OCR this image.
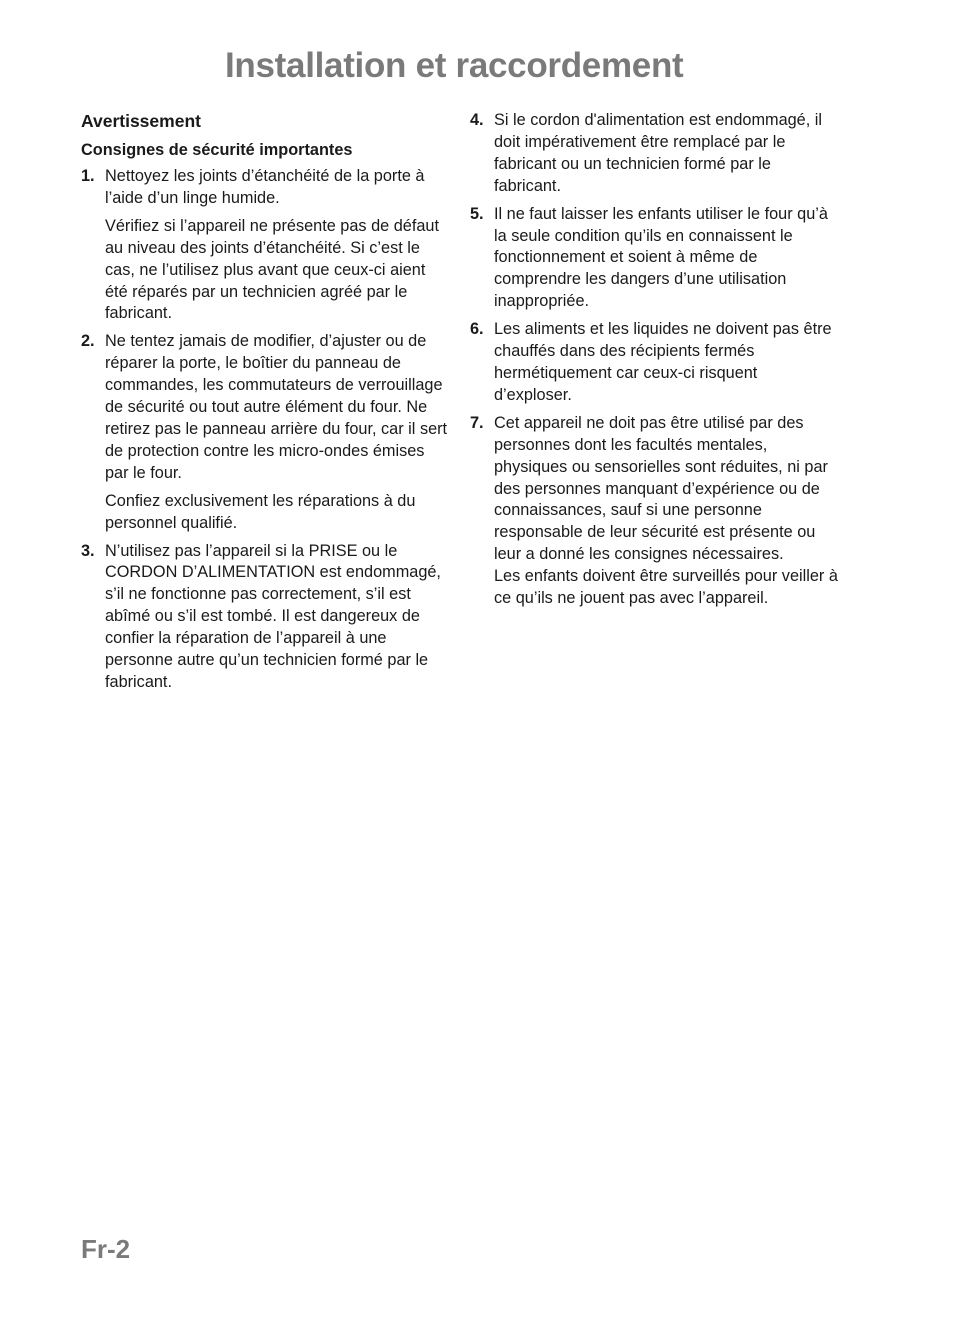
Installation et raccordement
Avertissement
Consignes de sécurité importantes
1. Nettoyez les joints d’étanchéité de la porte à l’aide d’un linge humide.

Vérifiez si l’appareil ne présente pas de défaut au niveau des joints d’étanchéité. Si c’est le cas, ne l’utilisez plus avant que ceux-ci aient été réparés par un technicien agréé par le fabricant.

2. Ne tentez jamais de modifier, d’ajuster ou de réparer la porte, le boîtier du panneau de commandes, les commutateurs de verrouillage de sécurité ou tout autre élément du four. Ne retirez pas le panneau arrière du four, car il sert de protection contre les micro-ondes émises par le four.

Confiez exclusivement les réparations à du personnel qualifié.

3. N’utilisez pas l’appareil si la PRISE ou le CORDON D’ALIMENTATION est endommagé, s’il ne fonctionne pas correctement, s’il est abîmé ou s’il est tombé. Il est dangereux de confier la réparation de l’appareil à une personne autre qu’un technicien formé par le fabricant.

4. Si le cordon d'alimentation est endommagé, il doit impérativement être remplacé par le fabricant ou un technicien formé par le fabricant.

5. Il ne faut laisser les enfants utiliser le four qu’à la seule condition qu’ils en connaissent le fonctionnement et soient à même de comprendre les dangers d’une utilisation inappropriée.

6. Les aliments et les liquides ne doivent pas être chauffés dans des récipients fermés hermétiquement car ceux-ci risquent d’exploser.

7. Cet appareil ne doit pas être utilisé par des personnes dont les facultés mentales, physiques ou sensorielles sont réduites, ni par des personnes manquant d’expérience ou de connaissances, sauf si une personne responsable de leur sécurité est présente ou leur a donné les consignes nécessaires.

Les enfants doivent être surveillés pour veiller à ce qu’ils ne jouent pas avec l’appareil.

Fr-2
